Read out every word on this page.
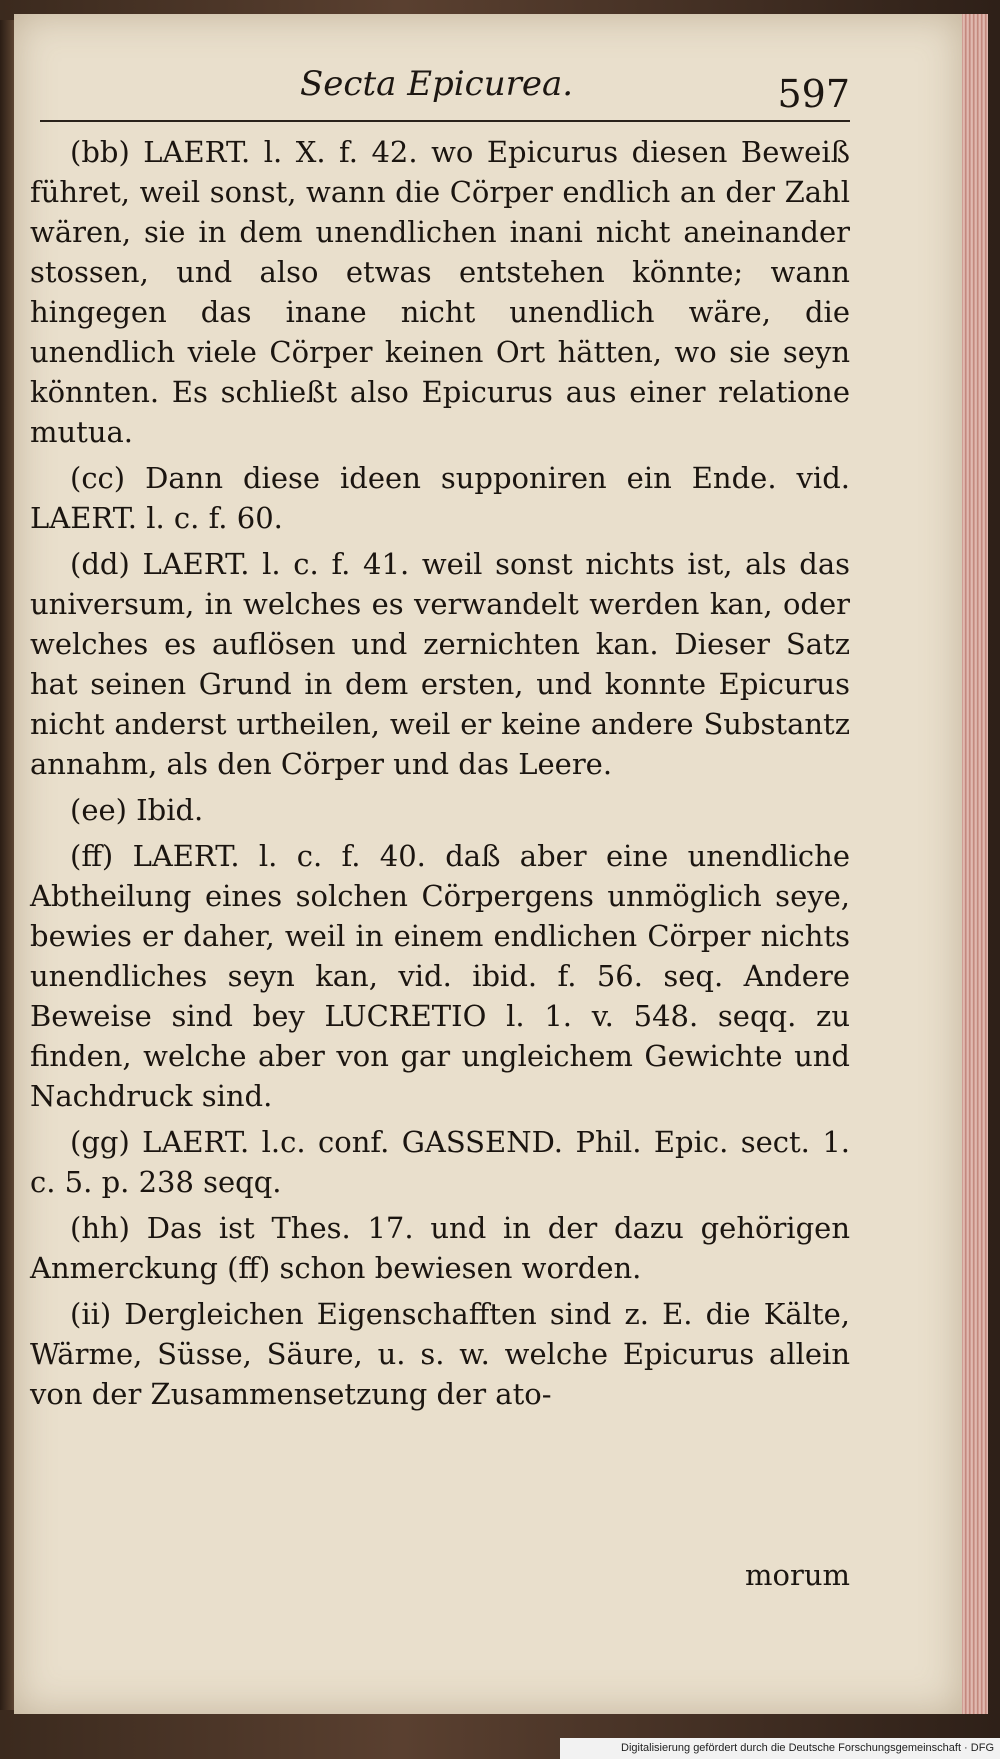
Secta Epicurea.	597

(bb) LAERT. l. X. f. 42. wo Epicurus diesen Beweiß führet, weil sonst, wann die Cörper endlich an der Zahl wären, sie in dem unendlichen inani nicht aneinander stossen, und also etwas entstehen könnte; wann hingegen das inane nicht unendlich wäre, die unendlich viele Cörper keinen Ort hätten, wo sie seyn könnten. Es schließt also Epicurus aus einer relatione mutua.

(cc) Dann diese ideen supponiren ein Ende. vid. LAERT. l. c. f. 60.

(dd) LAERT. l. c. f. 41. weil sonst nichts ist, als das universum, in welches es verwandelt werden kan, oder welches es auflösen und zernichten kan. Dieser Satz hat seinen Grund in dem ersten, und konnte Epicurus nicht anderst urtheilen, weil er keine andere Substantz annahm, als den Cörper und das Leere.

(ee) Ibid.

(ff) LAERT. l. c. f. 40. daß aber eine unendliche Abtheilung eines solchen Cörpergens unmöglich seye, bewies er daher, weil in einem endlichen Cörper nichts unendliches seyn kan, vid. ibid. f. 56. seq. Andere Beweise sind bey LUCRETIO l. 1. v. 548. seqq. zu finden, welche aber von gar ungleichem Gewichte und Nachdruck sind.

(gg) LAERT. l.c. conf. GASSEND. Phil. Epic. sect. 1. c. 5. p. 238 seqq.

(hh) Das ist Thes. 17. und in der dazu gehörigen Anmerckung (ff) schon bewiesen worden.

(ii) Dergleichen Eigenschafften sind z. E. die Kälte, Wärme, Süsse, Säure, u. s. w. welche Epicurus allein von der Zusammensetzung der ato-

morum
Digitalisierung gefördert durch die Deutsche Forschungsgemeinschaft · DFG
